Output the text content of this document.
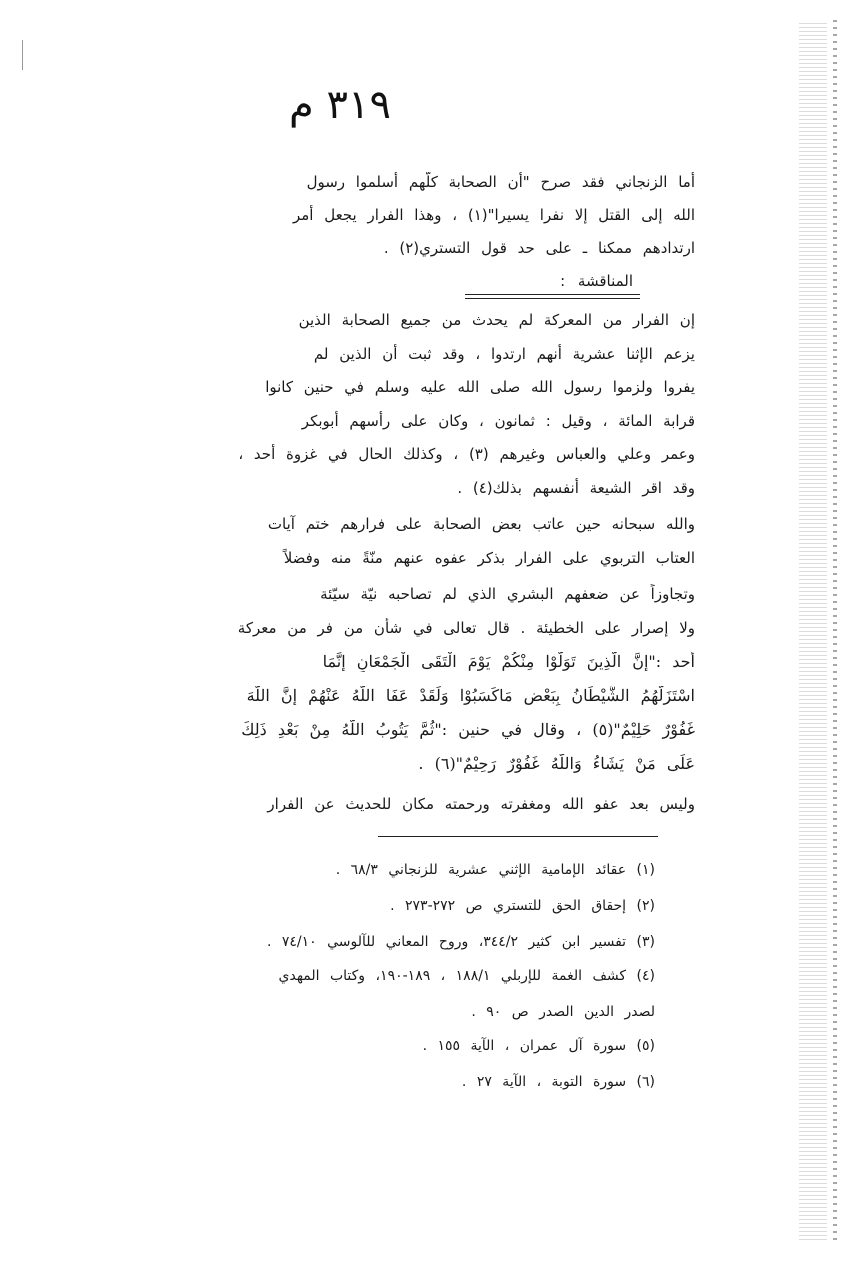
٣١٩ م
أما الزنجاني فقد صرح "أن الصحابة كلّهم أسلموا رسول
الله إلى القتل إلا نفرا يسيرا"(١) ، وهذا الفرار يجعل أمر
ارتدادهم ممكنا ـ على حد قول التستري(٢) .
إن الفرار من المعركة لم يحدث من جميع الصحابة الذين
يزعم الإثنا عشرية أنهم ارتدوا ، وقد ثبت أن الذين لم
يفروا ولزموا رسول الله صلى الله عليه وسلم في حنين كانوا
قرابة المائة ، وقيل : ثمانون ، وكان على رأسهم أبوبكر
وعمر وعلي والعباس وغيرهم (٣) ، وكذلك الحال في غزوة أحد ،
وقد اقر الشيعة أنفسهم بذلك(٤) .
والله سبحانه حين عاتب بعض الصحابة على فرارهم ختم آيات
العتاب التربوي على الفرار بذكر عفوه عنهم منّةً منه وفضلاً
وتجاوزاً عن ضعفهم البشري الذي لم تصاحبه نيّة سيّئة
ولا إصرار على الخطيئة . قال تعالى في شأن من فر من معركة
أحد :"إِنَّ الَّذِينَ تَوَلَّوْا مِنْكُمْ يَوْمَ الْتَقَى الْجَمْعَانِ إِنَّمَا
اسْتَزَلَّهُمُ الشَّيْطَانُ بِبَعْضِ مَاكَسَبُوْا وَلَقَدْ عَفَا اللَّهُ عَنْهُمْ إِنَّ اللَّهَ
غَفُوْرٌ حَلِيْمٌ"(٥) ، وقال في حنين :"ثُمَّ يَتُوبُ اللَّهُ مِنْ بَعْدِ ذَلِكَ
عَلَى مَنْ يَشَاءُ وَاللَّهُ غَفُوْرٌ رَحِيْمٌ"(٦) .
وليس بعد عفو الله ومغفرته ورحمته مكان للحديث عن الفرار
المناقشة :
(١) عقائد الإمامية الإثني عشرية للزنجاني ٦٨/٣ .
(٢) إحقاق الحق للتستري ص ٢٧٢-٢٧٣ .
(٣) تفسير ابن كثير ٣٤٤/٢، وروح المعاني للآلوسي ٧٤/١٠ .
(٤) كشف الغمة للإربلي ١٨٨/١ ، ١٨٩-١٩٠، وكتاب المهدي
لصدر الدين الصدر ص ٩٠ .
(٥) سورة آل عمران ، الآية ١٥٥ .
(٦) سورة التوبة ، الآية ٢٧ .
